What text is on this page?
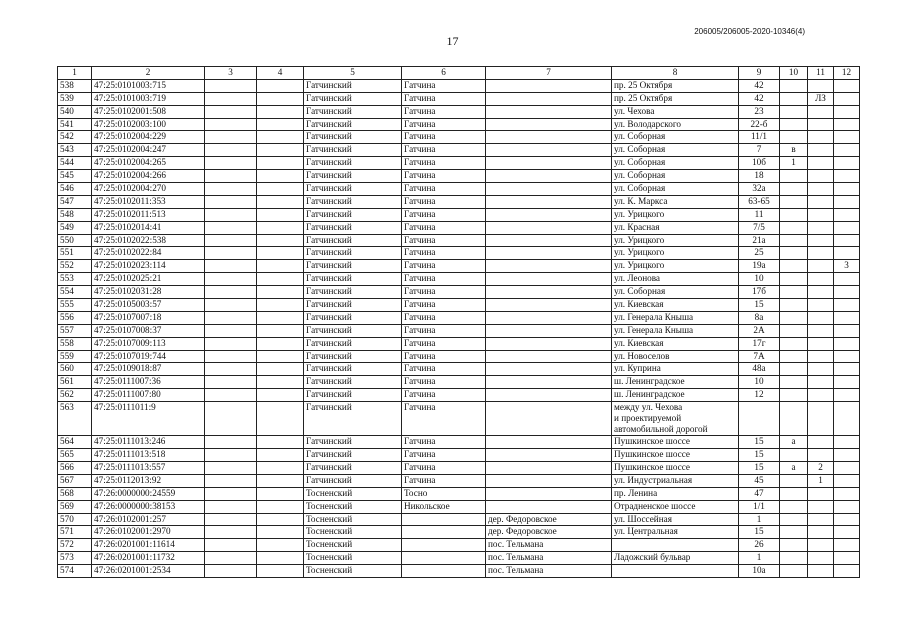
17
206005/206005-2020-10346(4)
1	2	3	4	5	6	7	8	9	10	11	12
538	47:25:0101003:715			Гатчинский	Гатчина		пр. 25 Октября	42			
539	47:25:0101003:719			Гатчинский	Гатчина		пр. 25 Октября	42		ЛЗ	
540	47:25:0102001:508			Гатчинский	Гатчина		ул. Чехова	23			
541	47:25:0102003:100			Гатчинский	Гатчина		ул. Володарского	22-б			
542	47:25:0102004:229			Гатчинский	Гатчина		ул. Соборная	11/1			
543	47:25:0102004:247			Гатчинский	Гатчина		ул. Соборная	7	в		
544	47:25:0102004:265			Гатчинский	Гатчина		ул. Соборная	10б	1		
545	47:25:0102004:266			Гатчинский	Гатчина		ул. Соборная	18			
546	47:25:0102004:270			Гатчинский	Гатчина		ул. Соборная	32а			
547	47:25:0102011:353			Гатчинский	Гатчина		ул. К. Маркса	63-65			
548	47:25:0102011:513			Гатчинский	Гатчина		ул. Урицкого	11			
549	47:25:0102014:41			Гатчинский	Гатчина		ул. Красная	7/5			
550	47:25:0102022:538			Гатчинский	Гатчина		ул. Урицкого	21а			
551	47:25:0102022:84			Гатчинский	Гатчина		ул. Урицкого	25			
552	47:25:0102023:114			Гатчинский	Гатчина		ул. Урицкого	19а			3
553	47:25:0102025:21			Гатчинский	Гатчина		ул. Леонова	10			
554	47:25:0102031:28			Гатчинский	Гатчина		ул. Соборная	17б			
555	47:25:0105003:57			Гатчинский	Гатчина		ул. Киевская	15			
556	47:25:0107007:18			Гатчинский	Гатчина		ул. Генерала Кныша	8а			
557	47:25:0107008:37			Гатчинский	Гатчина		ул. Генерала Кныша	2А			
558	47:25:0107009:113			Гатчинский	Гатчина		ул. Киевская	17г			
559	47:25:0107019:744			Гатчинский	Гатчина		ул. Новоселов	7А			
560	47:25:0109018:87			Гатчинский	Гатчина		ул. Куприна	48а			
561	47:25:0111007:36			Гатчинский	Гатчина		ш. Ленинградское	10			
562	47:25:0111007:80			Гатчинский	Гатчина		ш. Ленинградское	12			
563	47:25:0111011:9			Гатчинский	Гатчина		между ул. Чехова
и проектируемой
автомобильной дорогой				
564	47:25:0111013:246			Гатчинский	Гатчина		Пушкинское шоссе	15	а		
565	47:25:0111013:518			Гатчинский	Гатчина		Пушкинское шоссе	15			
566	47:25:0111013:557			Гатчинский	Гатчина		Пушкинское шоссе	15	а	2	
567	47:25:0112013:92			Гатчинский	Гатчина		ул. Индустриальная	45		1	
568	47:26:0000000:24559			Тосненский	Тосно		пр. Ленина	47			
569	47:26:0000000:38153			Тосненский	Никольское		Отрадненское шоссе	1/1			
570	47:26:0102001:257			Тосненский		дер. Федоровское	ул. Шоссейная	1			
571	47:26:0102001:2970			Тосненский		дер. Федоровское	ул. Центральная	15			
572	47:26:0201001:11614			Тосненский		пос. Тельмана		26			
573	47:26:0201001:11732			Тосненский		пос. Тельмана	Ладожский бульвар	1			
574	47:26:0201001:2534			Тосненский		пос. Тельмана		10а			
